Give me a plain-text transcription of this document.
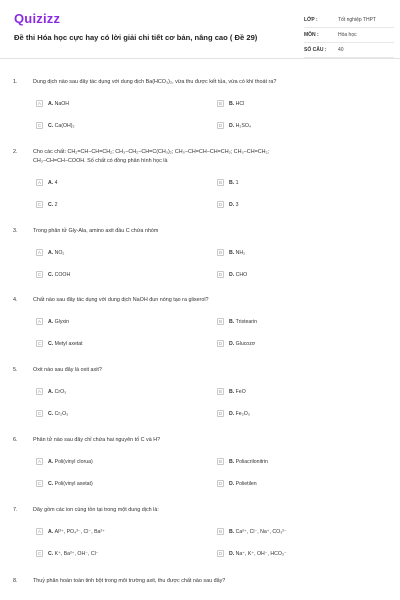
Quizizz
Đề thi Hóa học cực hay có lời giải chi tiết cơ bản, nâng cao ( Đề 29)
LỚP :	Tốt nghiệp THPT
MÔN :	Hóa học
SỐ CÂU :	40
1.	Dung dịch nào sau đây tác dụng với dung dịch Ba(HCO₃)₂, vừa thu được kết tủa, vừa có khí thoát ra?
A	A. NaOH	B	B. HCl
C	C. Ca(OH)₂	D	D. H₂SO₄
2.	Cho các chất: CH₂=CH−CH=CH₂; CH₃−CH₂−CH=C(CH₃)₂; CH₃−CH=CH−CH=CH₂; CH₃−CH=CH₂;
CH₃−CH=CH−COOH. Số chất có đồng phân hình học là
A	A. 4	B	B. 1
C	C. 2	D	D. 3
3.	Trong phân tử Gly-Ala, amino axit đầu C chứa nhóm
A	A. NO₂	B	B. NH₂
C	C. COOH	D	D. CHO
4.	Chất nào sau đây tác dụng với dung dịch NaOH đun nóng tạo ra glixerol?
A	A. Glyxin	B	B. Tristearin
C	C. Metyl axetat	D	D. Glucozơ
5.	Oxit nào sau đây là oxit axit?
A	A. CrO₃	B	B. FeO
C	C. Cr₂O₃	D	D. Fe₂O₃
6.	Phân tử nào sau đây chỉ chứa hai nguyên tố C và H?
A	A. Poli(vinyl clorua)	B	B. Poliacrilonitrin
C	C. Poli(vinyl axetat)	D	D. Polietilen
7.	Dãy gồm các ion cùng tồn tại trong một dung dịch là:
A	A. Al³⁺, PO₄³⁻, Cl⁻, Ba²⁺	B	B. Ca²⁺, Cl⁻, Na⁺, CO₃²⁻
C	C. K⁺, Ba²⁺, OH⁻, Cl⁻	D	D. Na⁺, K⁺, OH⁻, HCO₃⁻
8.	Thuỷ phân hoàn toàn tinh bột trong môi trường axit, thu được chất nào sau đây?
